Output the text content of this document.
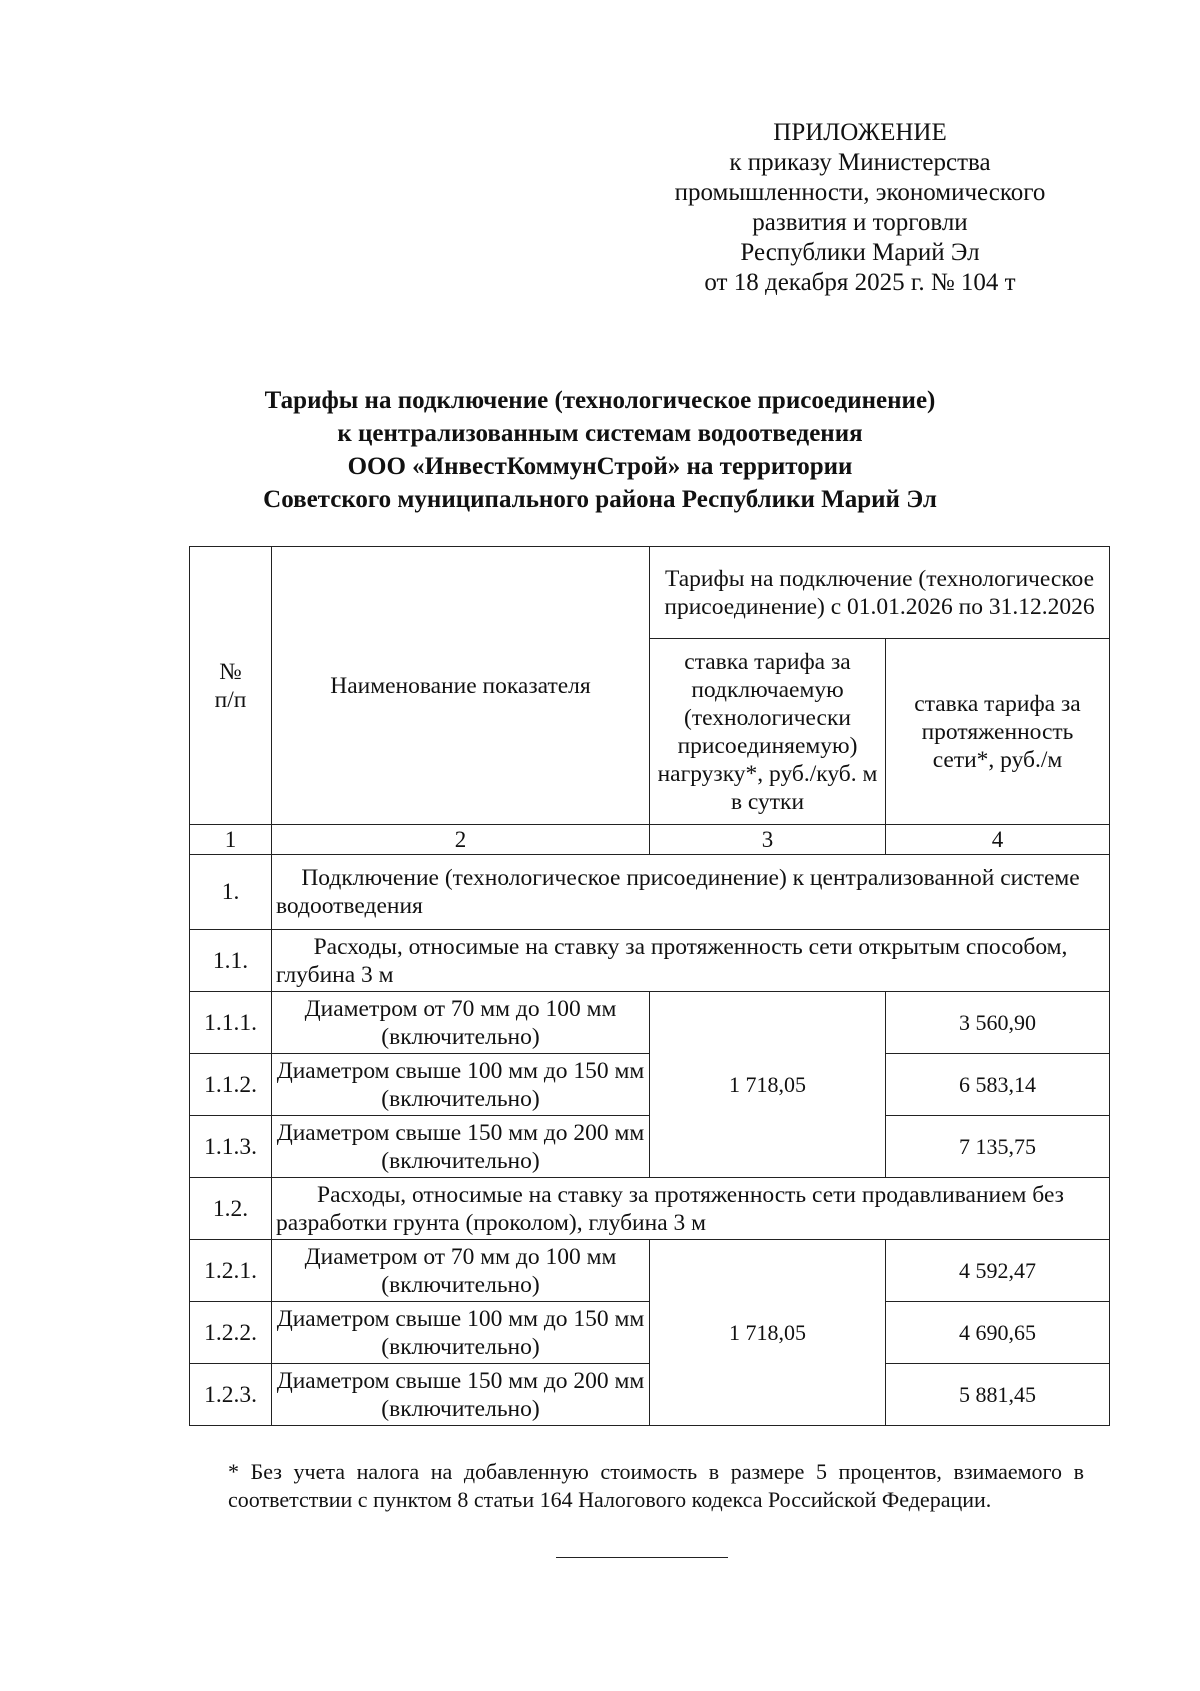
ПРИЛОЖЕНИЕ
к приказу Министерства
промышленности, экономического
развития и торговли
Республики Марий Эл
от 18 декабря 2025 г. № 104 т
Тарифы на подключение (технологическое присоединение)
к централизованным системам водоотведения
ООО «ИнвестКоммунСтрой» на территории
Советского муниципального района Республики Марий Эл
№ п/п	Наименование показателя	Тарифы на подключение (технологическое присоединение) с 01.01.2026 по 31.12.2026	
		ставка тарифа за подключаемую (технологически присоединяемую) нагрузку*, руб./куб. м в сутки	ставка тарифа за протяженность сети*, руб./м
1	2	3	4
1.	Подключение (технологическое присоединение) к централизованной системе водоотведения		
1.1.	Расходы, относимые на ставку за протяженность сети открытым способом, глубина 3 м		
1.1.1.	Диаметром от 70 мм до 100 мм (включительно)	1 718,05	3 560,90
1.1.2.	Диаметром свыше 100 мм до 150 мм (включительно)		6 583,14
1.1.3.	Диаметром свыше 150 мм до 200 мм (включительно)		7 135,75
1.2.	Расходы, относимые на ставку за протяженность сети продавливанием без разработки грунта (проколом), глубина 3 м		
1.2.1.	Диаметром от 70 мм до 100 мм (включительно)	1 718,05	4 592,47
1.2.2.	Диаметром свыше 100 мм до 150 мм (включительно)		4 690,65
1.2.3.	Диаметром свыше 150 мм до 200 мм (включительно)		5 881,45
* Без учета налога на добавленную стоимость в размере 5 процентов, взимаемого в соответствии с пунктом 8 статьи 164 Налогового кодекса Российской Федерации.
